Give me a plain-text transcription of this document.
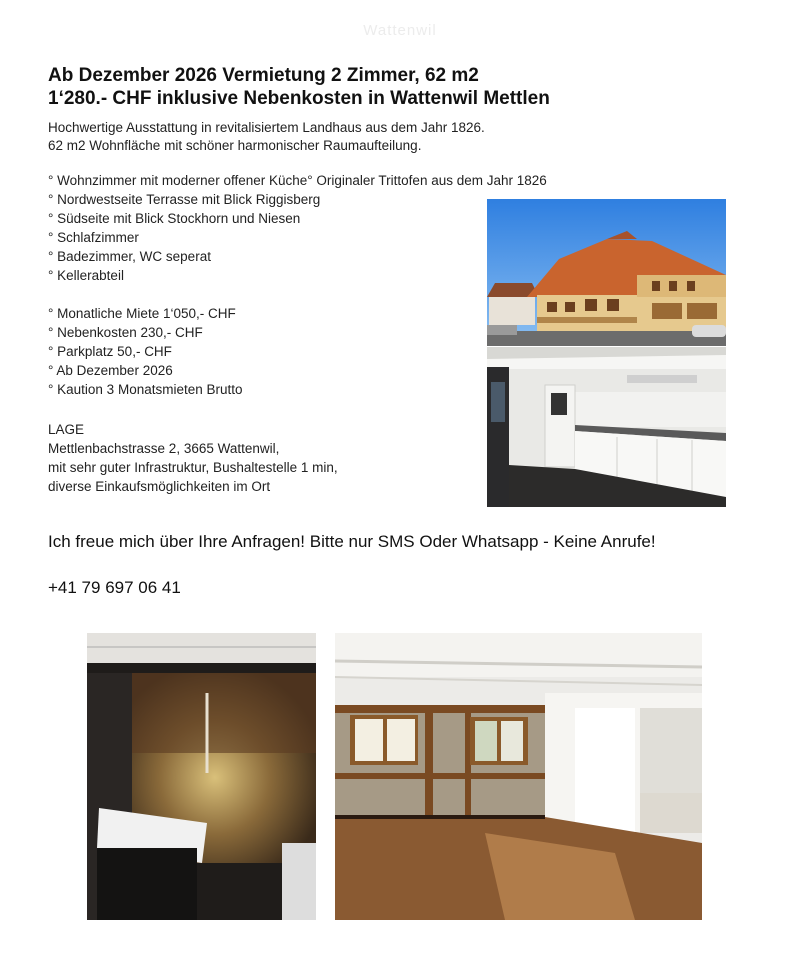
Wattenwil
Ab Dezember 2026 Vermietung 2 Zimmer, 62 m2
1‘280.- CHF inklusive Nebenkosten in Wattenwil Mettlen
Hochwertige Ausstattung in revitalisiertem Landhaus aus dem Jahr 1826.
62 m2 Wohnfläche mit schöner harmonischer Raumaufteilung.
° Wohnzimmer mit moderner offener Küche° Originaler Trittofen aus dem Jahr 1826
° Nordwestseite Terrasse mit Blick Riggisberg
° Südseite mit Blick Stockhorn und Niesen
° Schlafzimmer
° Badezimmer, WC seperat
° Kellerabteil
° Monatliche Miete 1‘050,- CHF
° Nebenkosten 230,- CHF
° Parkplatz 50,- CHF
° Ab Dezember 2026
° Kaution 3 Monatsmieten Brutto
LAGE
Mettlenbachstrasse 2, 3665 Wattenwil,
mit sehr guter Infrastruktur, Bushaltestelle 1 min,
diverse Einkaufsmöglichkeiten im Ort
Ich freue mich über Ihre Anfragen! Bitte nur SMS Oder Whatsapp - Keine Anrufe!
+41 79 697 06 41
